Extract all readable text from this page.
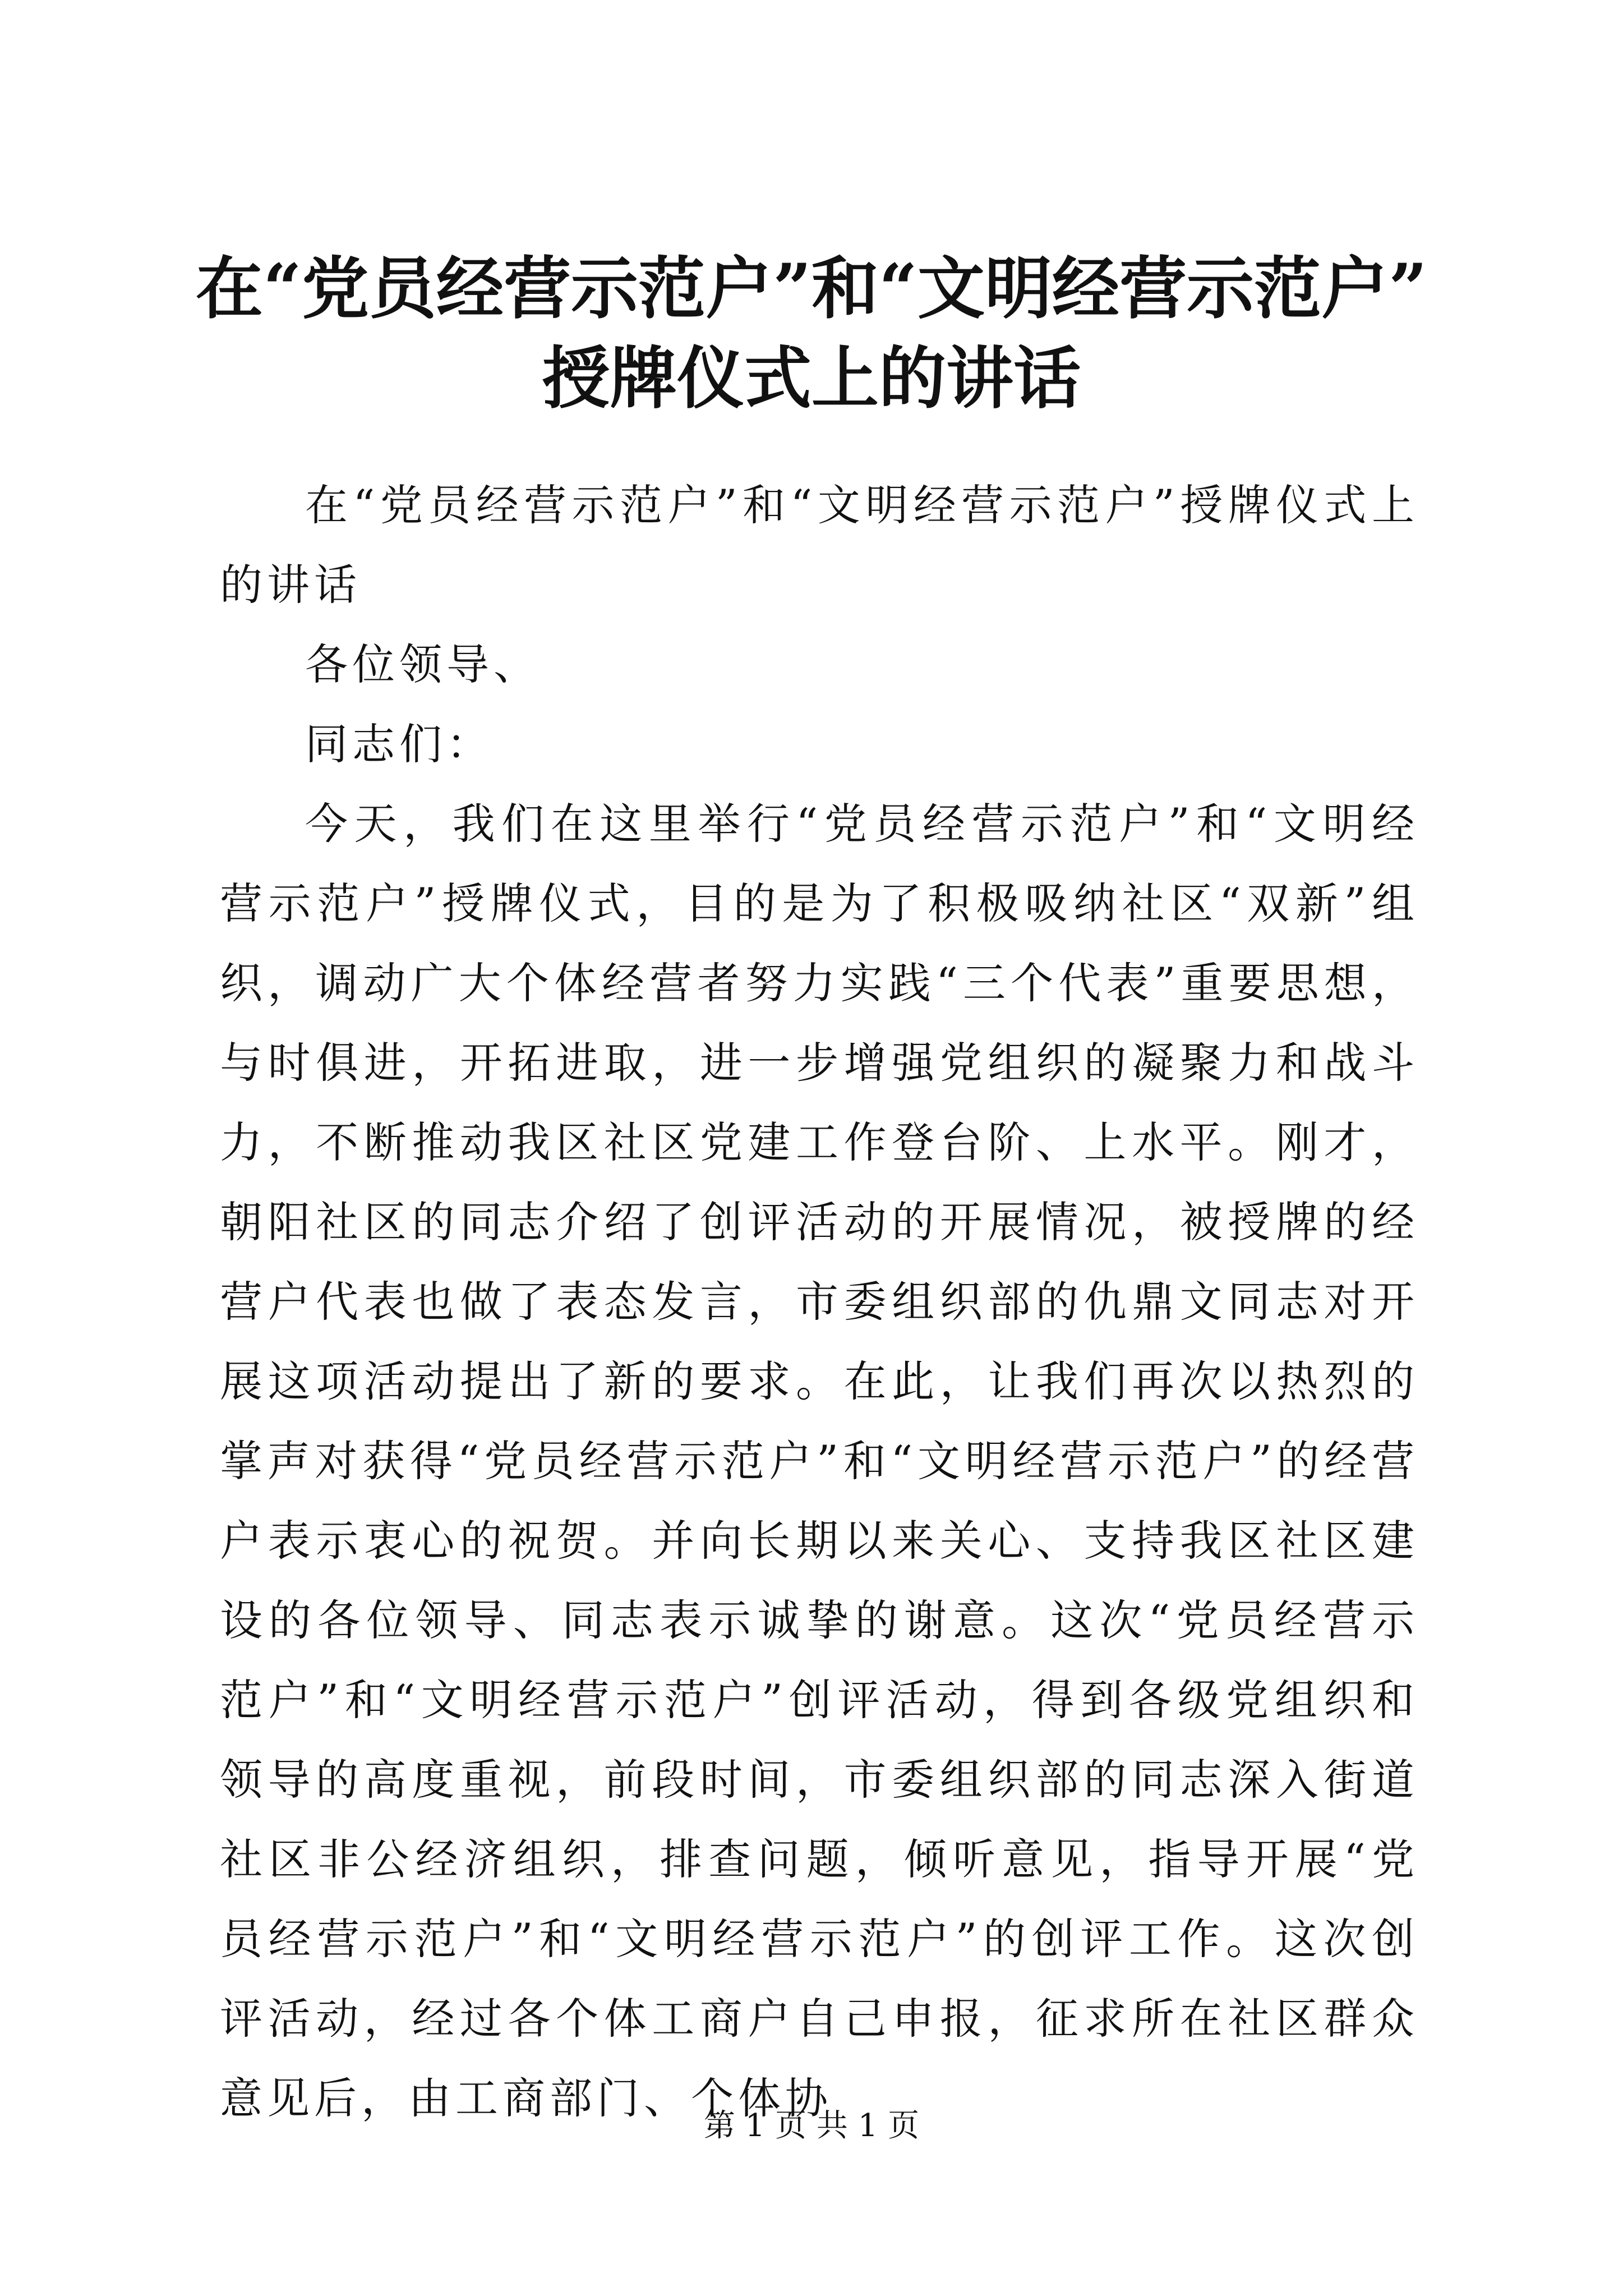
在“党员经营示范户”和“文明经营示范户”
授牌仪式上的讲话

在“党员经营示范户”和“文明经营示范户”授牌仪式上的讲话

各位领导、

同志们：

今天，我们在这里举行“党员经营示范户”和“文明经营示范户”授牌仪式，目的是为了积极吸纳社区“双新”组织，调动广大个体经营者努力实践“三个代表”重要思想，与时俱进，开拓进取，进一步增强党组织的凝聚力和战斗力，不断推动我区社区党建工作登台阶、上水平。刚才，朝阳社区的同志介绍了创评活动的开展情况，被授牌的经营户代表也做了表态发言，市委组织部的仇鼎文同志对开展这项活动提出了新的要求。在此，让我们再次以热烈的掌声对获得“党员经营示范户”和“文明经营示范户”的经营户表示衷心的祝贺。并向长期以来关心、支持我区社区建设的各位领导、同志表示诚挚的谢意。这次“党员经营示范户”和“文明经营示范户”创评活动，得到各级党组织和领导的高度重视，前段时间，市委组织部的同志深入街道社区非公经济组织，排查问题，倾听意见，指导开展“党员经营示范户”和“文明经营示范户”的创评工作。这次创评活动，经过各个体工商户自己申报，征求所在社区群众意见后，由工商部门、个体协

第 1 页 共 1 页
